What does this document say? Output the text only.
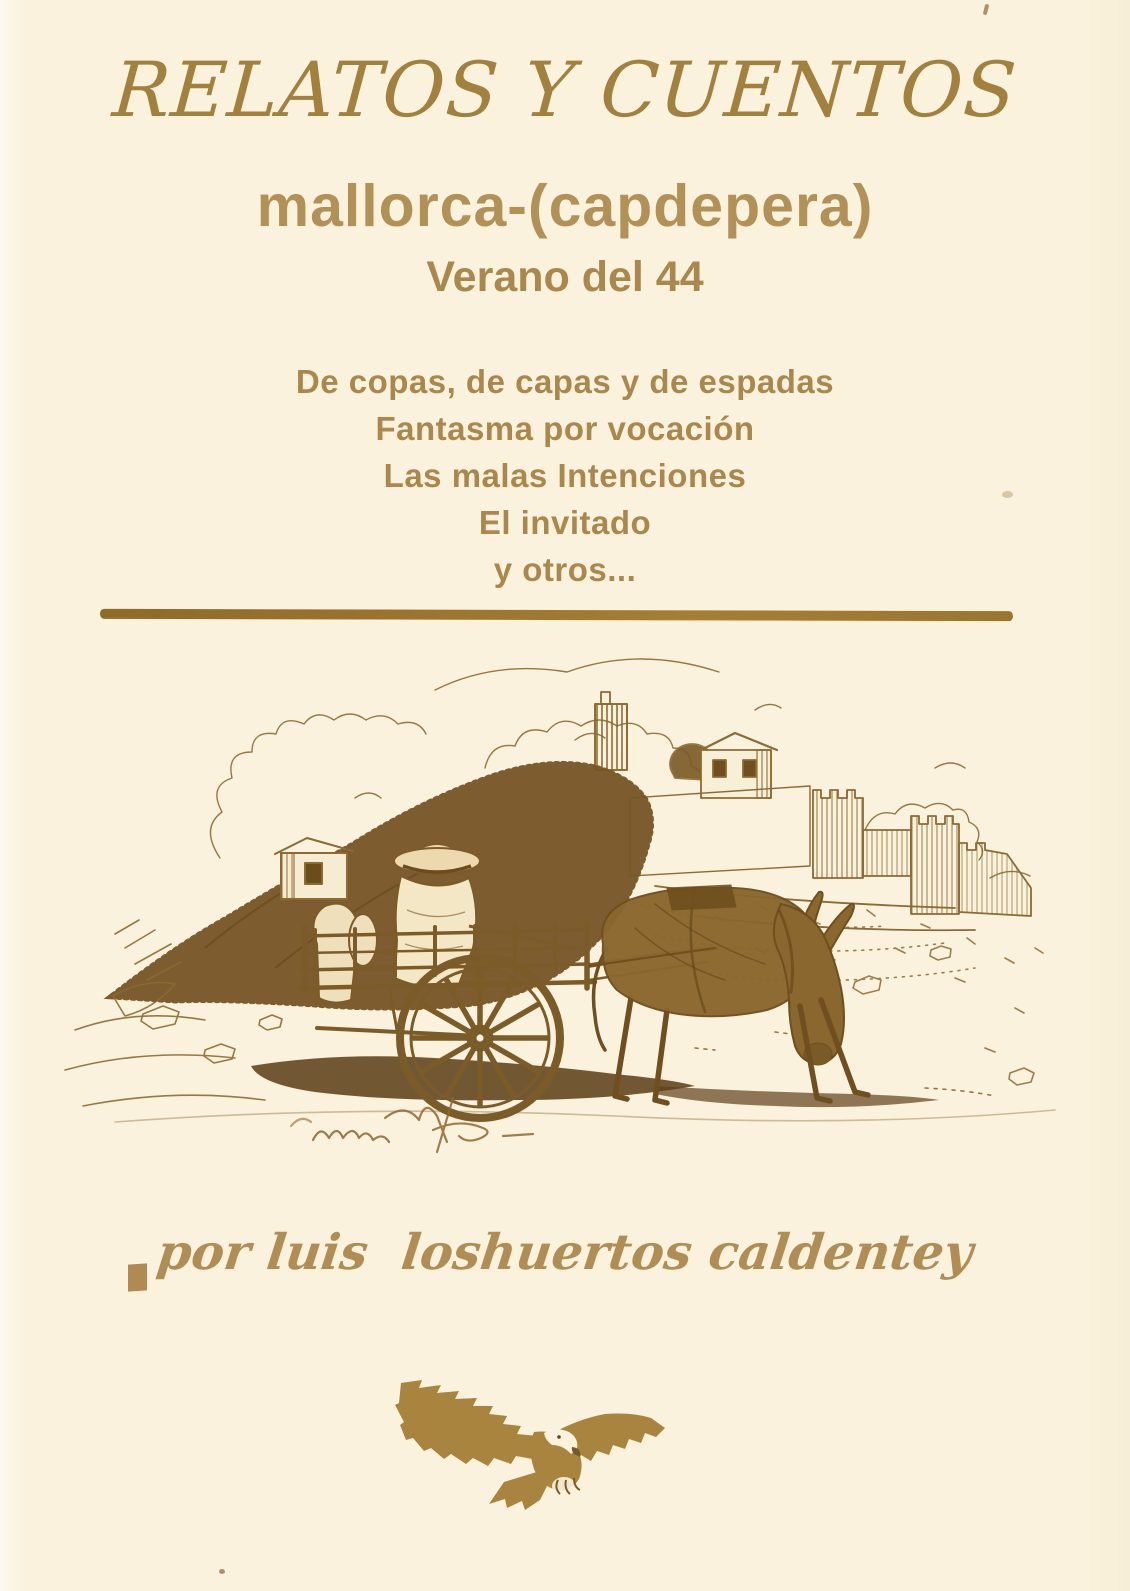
RELATOS Y CUENTOS
mallorca-(capdepera)
Verano del 44
De copas, de capas y de espadas
Fantasma por vocación
Las malas Intenciones
El invitado
y otros...
por luis  loshuertos caldentey
